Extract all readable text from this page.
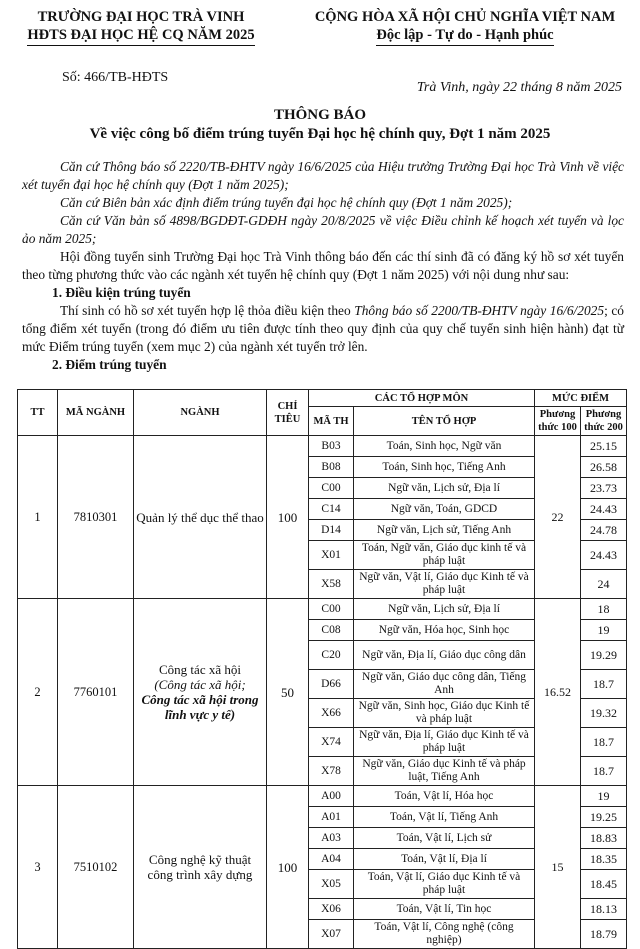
TRƯỜNG ĐẠI HỌC TRÀ VINH
HĐTS ĐẠI HỌC HỆ CQ NĂM 2025
CỘNG HÒA XÃ HỘI CHỦ NGHĨA VIỆT NAM
Độc lập - Tự do - Hạnh phúc
Số: 466/TB-HĐTS
Trà Vinh, ngày 22 tháng 8 năm 2025
THÔNG BÁO
Về việc công bố điểm trúng tuyển Đại học hệ chính quy, Đợt 1 năm 2025

Căn cứ Thông báo số 2220/TB-ĐHTV ngày 16/6/2025 của Hiệu trưởng Trường Đại học Trà Vinh về việc xét tuyển đại học hệ chính quy (Đợt 1 năm 2025);

Căn cứ Biên bản xác định điểm trúng tuyển đại học hệ chính quy (Đợt 1 năm 2025);

Căn cứ Văn bản số 4898/BGDĐT-GDĐH ngày 20/8/2025 về việc Điều chỉnh kế hoạch xét tuyển và lọc ảo năm 2025;

Hội đồng tuyển sinh Trường Đại học Trà Vinh thông báo đến các thí sinh đã có đăng ký hồ sơ xét tuyển theo từng phương thức vào các ngành xét tuyển hệ chính quy (Đợt 1 năm 2025) với nội dung như sau:

1. Điều kiện trúng tuyển

Thí sinh có hồ sơ xét tuyển hợp lệ thỏa điều kiện theo Thông báo số 2200/TB-ĐHTV ngày 16/6/2025; có tổng điểm xét tuyển (trong đó điểm ưu tiên được tính theo quy định của quy chế tuyển sinh hiện hành) đạt từ mức Điểm trúng tuyển (xem mục 2) của ngành xét tuyển trở lên.

2. Điểm trúng tuyển

TT	MÃ NGÀNH	NGÀNH	CHỈ TIÊU	CÁC TỔ HỢP MÔN		MỨC ĐIỂM	
				MÃ TH	TÊN TỔ HỢP	Phương thức 100	Phương thức 200
1	7810301	Quản lý thể dục thể thao	100	B03	Toán, Sinh học, Ngữ văn	22	25.15
				B08	Toán, Sinh học, Tiếng Anh		26.58
				C00	Ngữ văn, Lịch sử, Địa lí		23.73
				C14	Ngữ văn, Toán, GDCD		24.43
				D14	Ngữ văn, Lịch sử, Tiếng Anh		24.78
				X01	Toán, Ngữ văn, Giáo dục kinh tế và pháp luật		24.43
				X58	Ngữ văn, Vật lí, Giáo dục Kinh tế và pháp luật		24
2	7760101	Công tác xã hội
(Công tác xã hội;
Công tác xã hội trong lĩnh vực y tế)	50	C00	Ngữ văn, Lịch sử, Địa lí	16.52	18
				C08	Ngữ văn, Hóa học, Sinh học		19
				C20	Ngữ văn, Địa lí, Giáo dục công dân		19.29
				D66	Ngữ văn, Giáo dục công dân, Tiếng Anh		18.7
				X66	Ngữ văn, Sinh học, Giáo dục Kinh tế và pháp luật		19.32
				X74	Ngữ văn, Địa lí, Giáo dục Kinh tế và pháp luật		18.7
				X78	Ngữ văn, Giáo dục Kinh tế và pháp luật, Tiếng Anh		18.7
3	7510102	Công nghệ kỹ thuật công trình xây dựng	100	A00	Toán, Vật lí, Hóa học	15	19
				A01	Toán, Vật lí, Tiếng Anh		19.25
				A03	Toán, Vật lí, Lịch sử		18.83
				A04	Toán, Vật lí, Địa lí		18.35
				X05	Toán, Vật lí, Giáo dục Kinh tế và pháp luật		18.45
				X06	Toán, Vật lí, Tin học		18.13
				X07	Toán, Vật lí, Công nghệ (công nghiệp)		18.79
